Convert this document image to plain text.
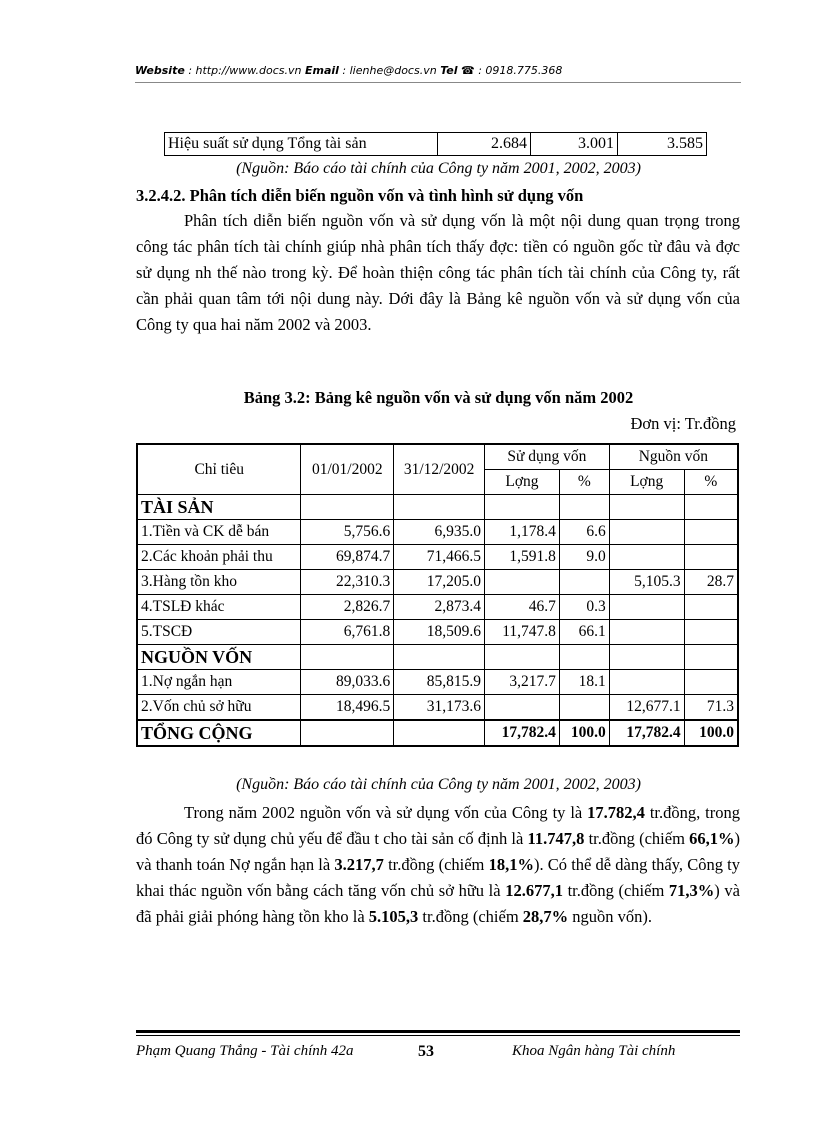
Website : http://www.docs.vn Email : lienhe@docs.vn Tel ☎ : 0918.775.368
Hiệu suất sử dụng Tổng tài sản	2.684	3.001	3.585
(Nguồn: Báo cáo tài chính của Công ty năm 2001, 2002, 2003)
3.2.4.2. Phân tích diễn biến nguồn vốn và tình hình sử dụng vốn

Phân tích diễn biến nguồn vốn và sử dụng vốn là một nội dung quan trọng trong công tác phân tích tài chính giúp nhà phân tích thấy đợc: tiền có nguồn gốc từ đâu và đợc sử dụng nh thế nào trong kỳ. Để hoàn thiện công tác phân tích tài chính của Công ty, rất cần phải quan tâm tới nội dung này. Dới đây là Bảng kê nguồn vốn và sử dụng vốn của Công ty qua hai năm 2002 và 2003.

Bảng 3.2: Bảng kê nguồn vốn và sử dụng vốn năm 2002
Đơn vị: Tr.đồng
Chỉ tiêu	01/01/2002	31/12/2002	Sử dụng vốn		Nguồn vốn	
			Lợng	%	Lợng	%
TÀI SẢN						
1.Tiền và CK dễ bán	5,756.6	6,935.0	1,178.4	6.6		
2.Các khoản phải thu	69,874.7	71,466.5	1,591.8	9.0		
3.Hàng tồn kho	22,310.3	17,205.0			5,105.3	28.7
4.TSLĐ khác	2,826.7	2,873.4	46.7	0.3		
5.TSCĐ	6,761.8	18,509.6	11,747.8	66.1		
NGUỒN VỐN						
1.Nợ ngắn hạn	89,033.6	85,815.9	3,217.7	18.1		
2.Vốn chủ sở hữu	18,496.5	31,173.6			12,677.1	71.3
TỔNG CỘNG			17,782.4	100.0	17,782.4	100.0
(Nguồn: Báo cáo tài chính của Công ty năm 2001, 2002, 2003)

Trong năm 2002 nguồn vốn và sử dụng vốn của Công ty là 17.782,4 tr.đồng, trong đó Công ty sử dụng chủ yếu để đầu t cho tài sản cố định là 11.747,8 tr.đồng (chiếm 66,1%) và thanh toán Nợ ngắn hạn là 3.217,7 tr.đồng (chiếm 18,1%). Có thể dễ dàng thấy, Công ty khai thác nguồn vốn bằng cách tăng vốn chủ sở hữu là 12.677,1 tr.đồng (chiếm 71,3%) và đã phải giải phóng hàng tồn kho là 5.105,3 tr.đồng (chiếm 28,7% nguồn vốn).

Phạm Quang Thắng - Tài chính 42a	53	Khoa Ngân hàng Tài chính
